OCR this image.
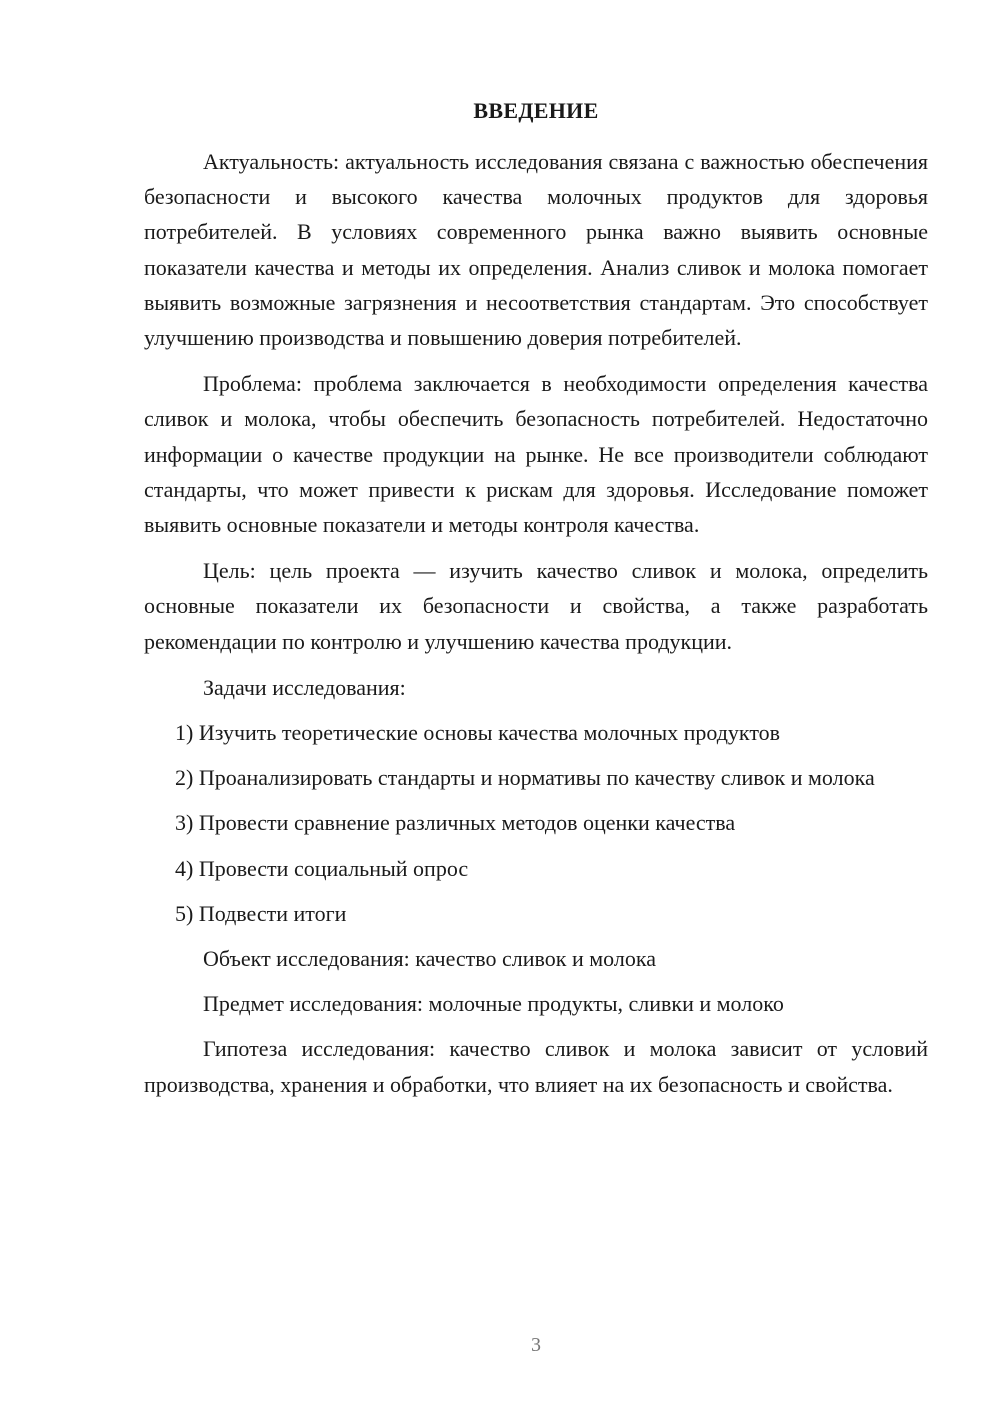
ВВЕДЕНИЕ

Актуальность: актуальность исследования связана с важностью обеспечения безопасности и высокого качества молочных продуктов для здоровья потребителей. В условиях современного рынка важно выявить основные показатели качества и методы их определения. Анализ сливок и молока помогает выявить возможные загрязнения и несоответствия стандартам. Это способствует улучшению производства и повышению доверия потребителей.

Проблема: проблема заключается в необходимости определения качества сливок и молока, чтобы обеспечить безопасность потребителей. Недостаточно информации о качестве продукции на рынке. Не все производители соблюдают стандарты, что может привести к рискам для здоровья. Исследование поможет выявить основные показатели и методы контроля качества.

Цель: цель проекта — изучить качество сливок и молока, определить основные показатели их безопасности и свойства, а также разработать рекомендации по контролю и улучшению качества продукции.

Задачи исследования:

1) Изучить теоретические основы качества молочных продуктов

2) Проанализировать стандарты и нормативы по качеству сливок и молока

3) Провести сравнение различных методов оценки качества

4) Провести социальный опрос

5) Подвести итоги

Объект исследования: качество сливок и молока

Предмет исследования: молочные продукты, сливки и молоко

Гипотеза исследования: качество сливок и молока зависит от условий производства, хранения и обработки, что влияет на их безопасность и свойства.

3
